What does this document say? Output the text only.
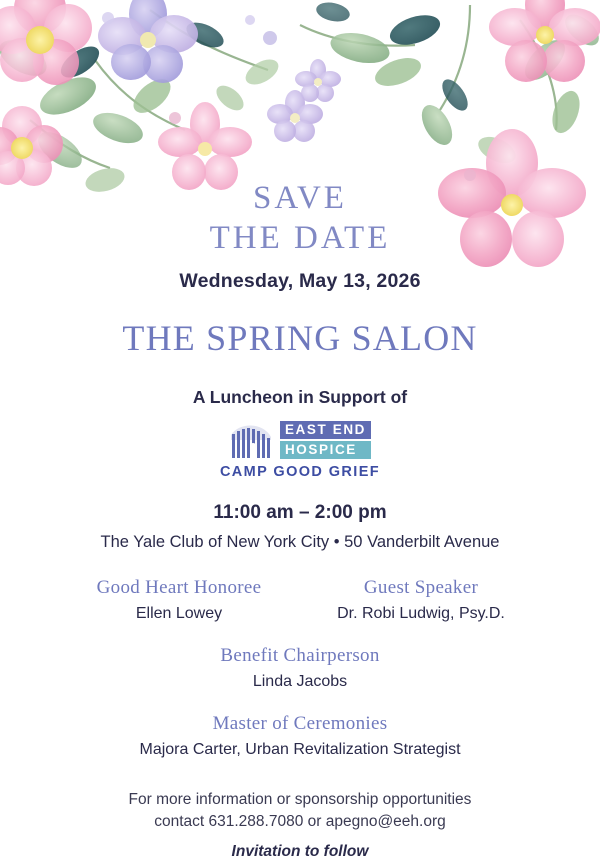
SAVE
THE DATE
Wednesday, May 13, 2026
THE SPRING SALON
A Luncheon in Support of
EAST END
HOSPICE
CAMP GOOD GRIEF
11:00 am – 2:00 pm
The Yale Club of New York City • 50 Vanderbilt Avenue
Good Heart Honoree
Ellen Lowey
Guest Speaker
Dr. Robi Ludwig, Psy.D.
Benefit Chairperson
Linda Jacobs
Master of Ceremonies
Majora Carter, Urban Revitalization Strategist
For more information or sponsorship opportunities
contact 631.288.7080 or apegno@eeh.org
Invitation to follow
